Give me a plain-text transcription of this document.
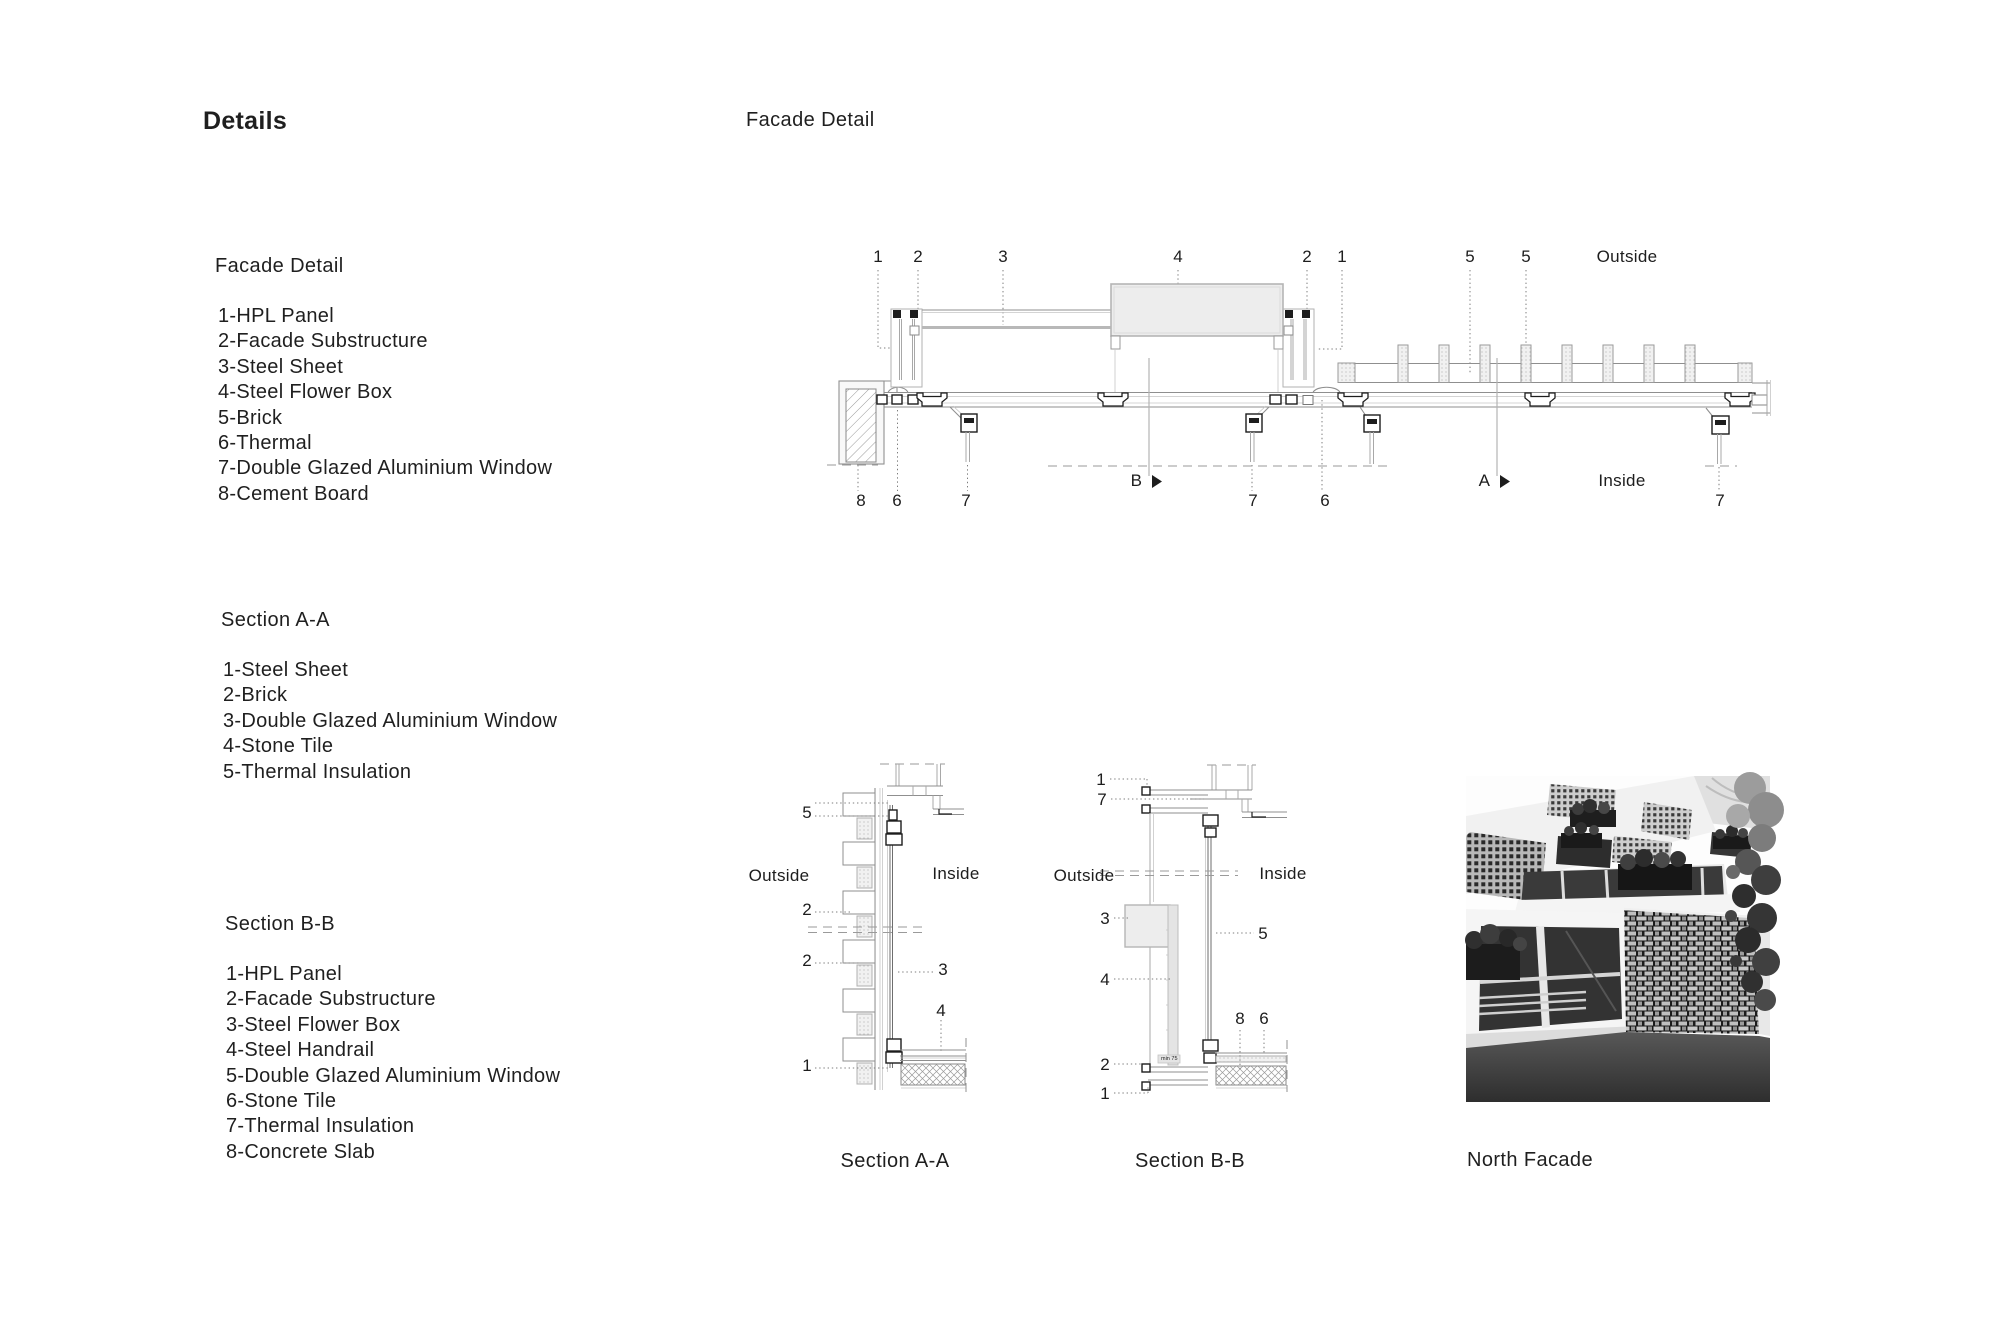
Details	Facade Detail
Facade Detail
1-HPL Panel
2-Facade Substructure
3-Steel Sheet
4-Steel Flower Box
5-Brick
6-Thermal
7-Double Glazed Aluminium Window
8-Cement Board
Section A-A
1-Steel Sheet
2-Brick
3-Double Glazed Aluminium Window
4-Stone Tile
5-Thermal Insulation
Section B-B
1-HPL Panel
2-Facade Substructure
3-Steel Flower Box
4-Steel Handrail
5-Double Glazed Aluminium Window
6-Stone Tile
7-Thermal Insulation
8-Concrete Slab
1 2	3	4	2 1	5	5	Outside
B	A	Inside
8 6	7	7	6	7
5
Outside	Inside
2
2	3
4
1	min 75
1
7
Outside	Inside
3
5
4
8 6
2
1
Section A-A	Section B-B	North Facade
